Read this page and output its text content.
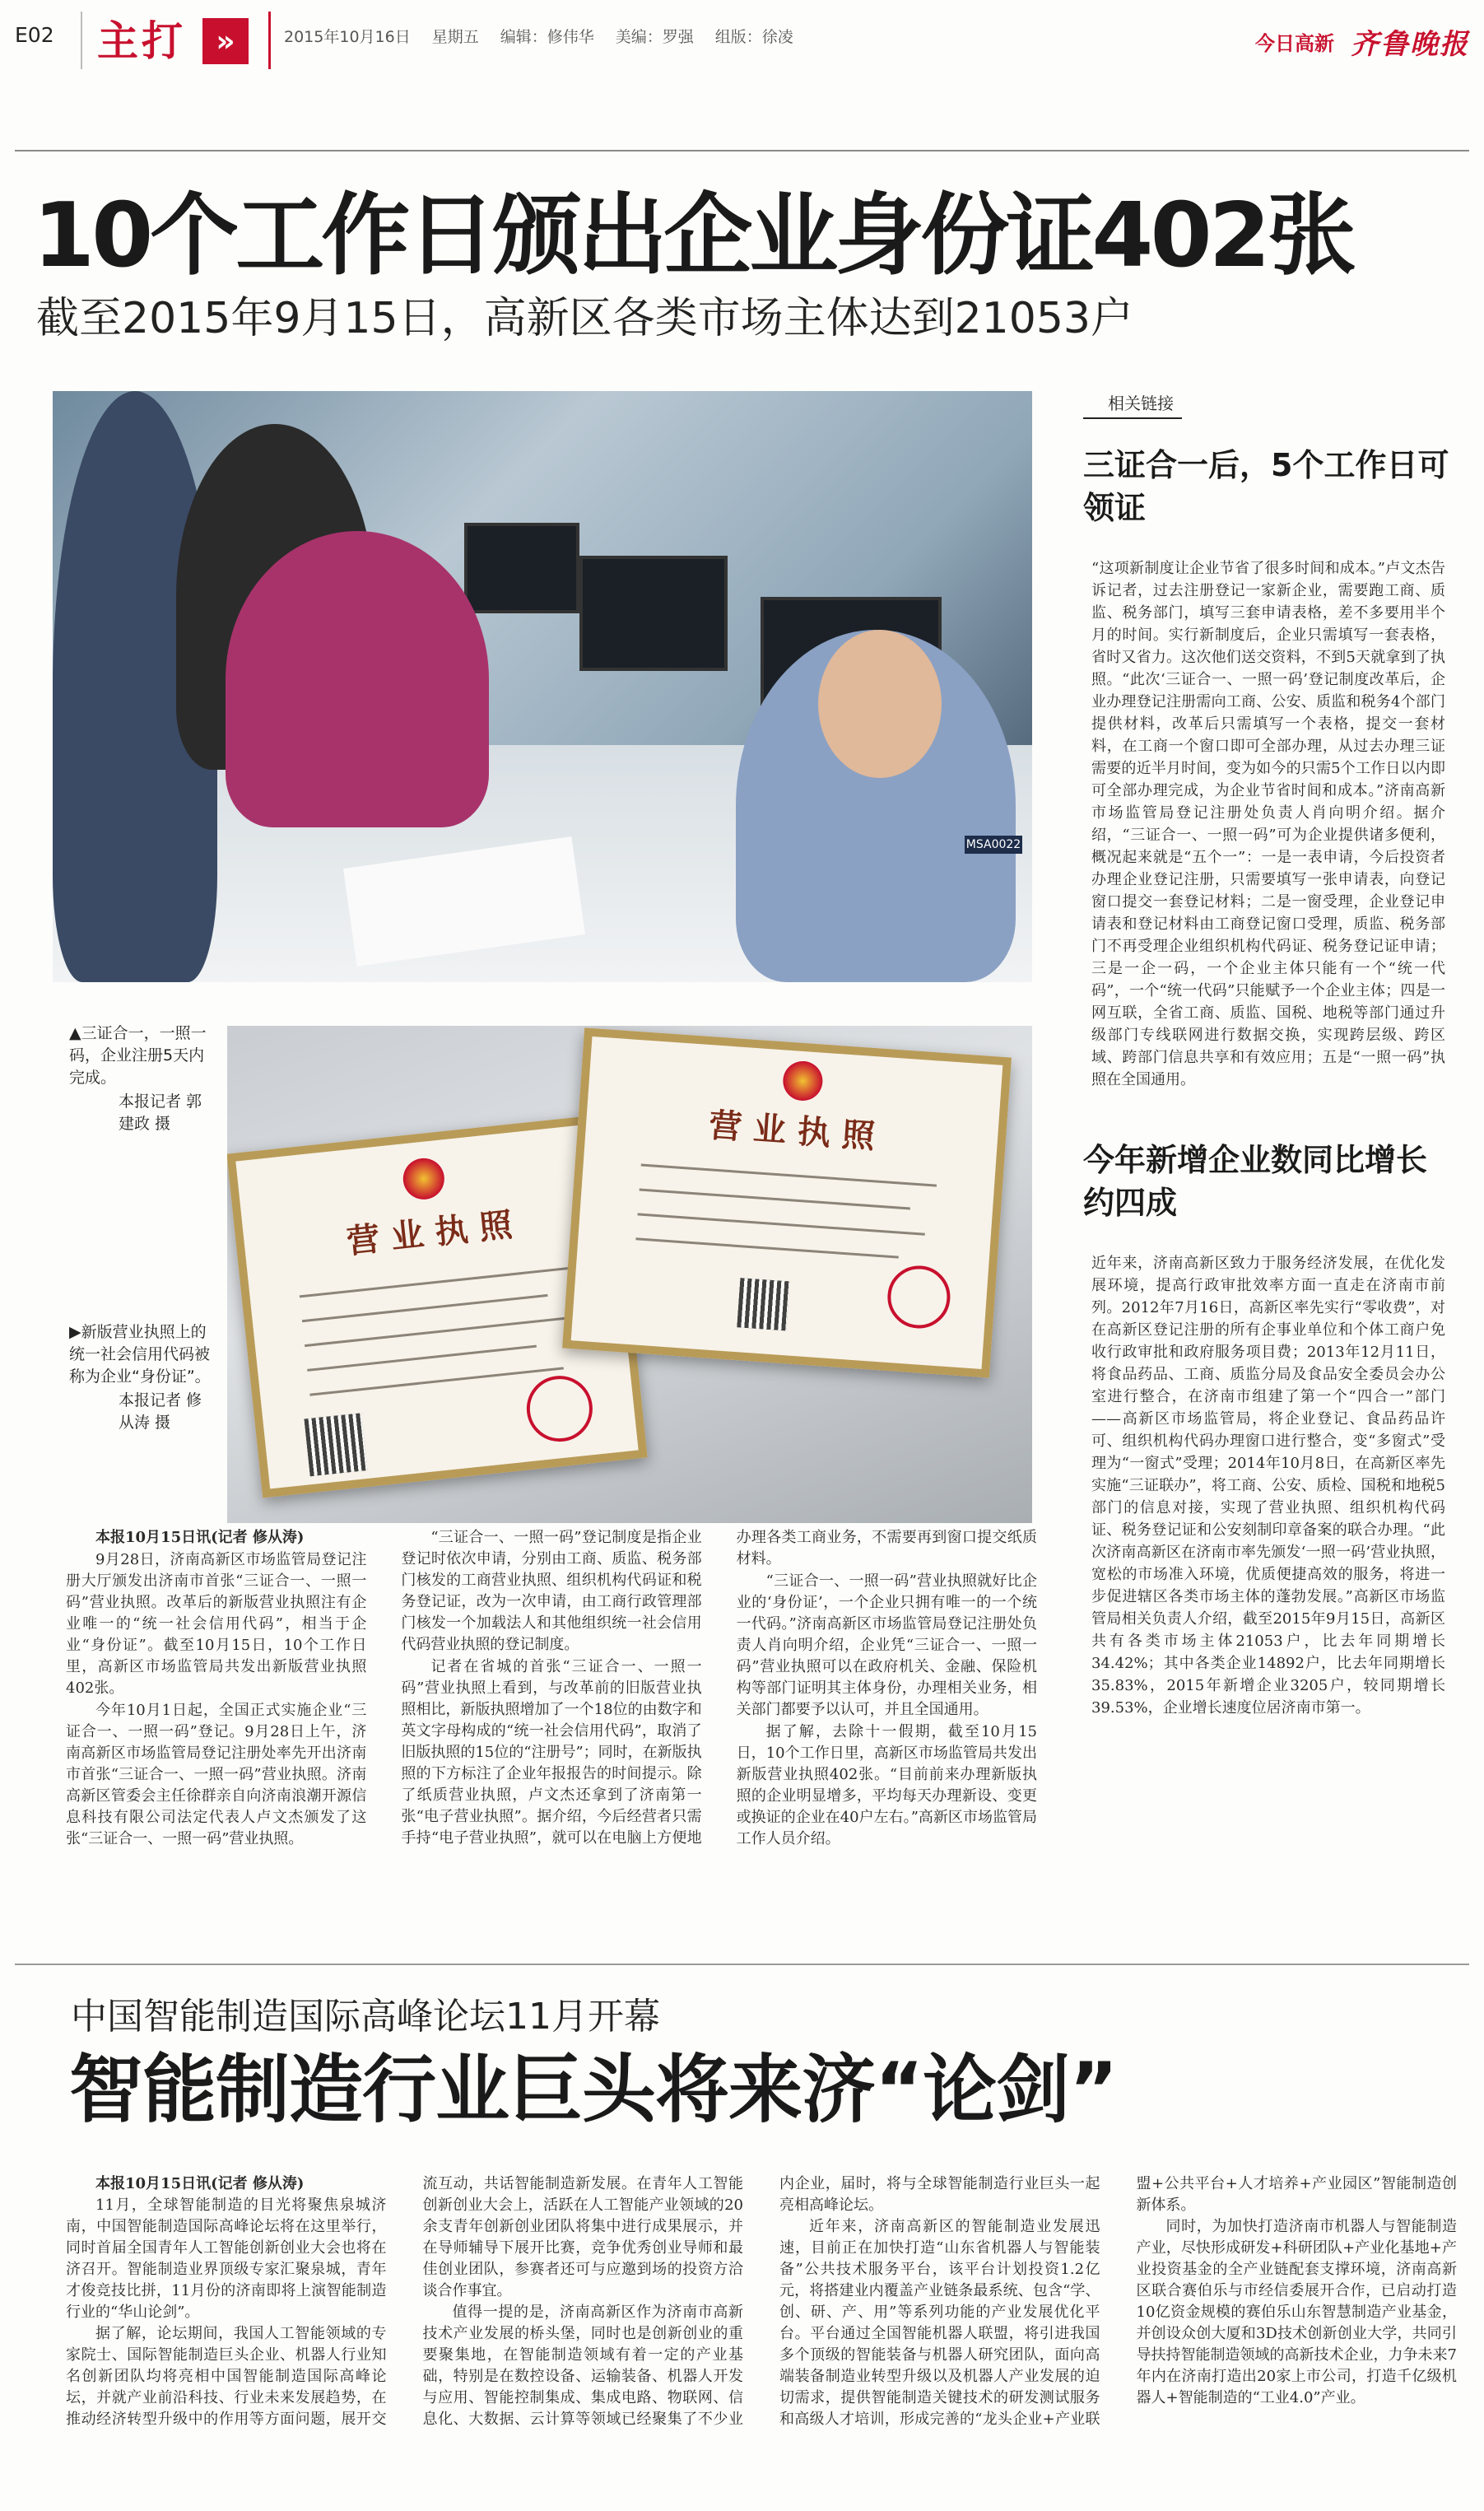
E02	主打	»	2015年10月16日 星期五 编辑：修伟华 美编：罗强 组版：徐凌	今日高新 齐鲁晚报
10个工作日颁出企业身份证402张
截至2015年9月15日，高新区各类市场主体达到21053户
MSA0022
▲三证合一，一照一码，企业注册5天内完成。
本报记者 郭建政 摄
营 业 执 照
营 业 执 照
▶新版营业执照上的统一社会信用代码被称为企业“身份证”。
本报记者 修从涛 摄
相关链接
三证合一后，5个工作日可领证
“这项新制度让企业节省了很多时间和成本。”卢文杰告诉记者，过去注册登记一家新企业，需要跑工商、质监、税务部门，填写三套申请表格，差不多要用半个月的时间。实行新制度后，企业只需填写一套表格，省时又省力。这次他们送交资料，不到5天就拿到了执照。“此次‘三证合一、一照一码’登记制度改革后，企业办理登记注册需向工商、公安、质监和税务4个部门提供材料，改革后只需填写一个表格，提交一套材料，在工商一个窗口即可全部办理，从过去办理三证需要的近半月时间，变为如今的只需5个工作日以内即可全部办理完成，为企业节省时间和成本。”济南高新市场监管局登记注册处负责人肖向明介绍。据介绍，“三证合一、一照一码”可为企业提供诸多便利，概况起来就是“五个一”：一是一表申请，今后投资者办理企业登记注册，只需要填写一张申请表，向登记窗口提交一套登记材料；二是一窗受理，企业登记申请表和登记材料由工商登记窗口受理，质监、税务部门不再受理企业组织机构代码证、税务登记证申请；三是一企一码，一个企业主体只能有一个“统一代码”，一个“统一代码”只能赋予一个企业主体；四是一网互联，全省工商、质监、国税、地税等部门通过升级部门专线联网进行数据交换，实现跨层级、跨区域、跨部门信息共享和有效应用；五是“一照一码”执照在全国通用。
今年新增企业数同比增长约四成
近年来，济南高新区致力于服务经济发展，在优化发展环境，提高行政审批效率方面一直走在济南市前列。2012年7月16日，高新区率先实行“零收费”，对在高新区登记注册的所有企事业单位和个体工商户免收行政审批和政府服务项目费；2013年12月11日，将食品药品、工商、质监分局及食品安全委员会办公室进行整合，在济南市组建了第一个“四合一”部门——高新区市场监管局，将企业登记、食品药品许可、组织机构代码办理窗口进行整合，变“多窗式”受理为“一窗式”受理；2014年10月8日，在高新区率先实施“三证联办”，将工商、公安、质检、国税和地税5部门的信息对接，实现了营业执照、组织机构代码证、税务登记证和公安刻制印章备案的联合办理。“此次济南高新区在济南市率先颁发‘一照一码’营业执照，宽松的市场准入环境，优质便捷高效的服务，将进一步促进辖区各类市场主体的蓬勃发展。”高新区市场监管局相关负责人介绍，截至2015年9月15日，高新区共有各类市场主体21053户，比去年同期增长34.42%；其中各类企业14892户，比去年同期增长35.83%，2015年新增企业3205户，较同期增长39.53%，企业增长速度位居济南市第一。

本报10月15日讯(记者 修从涛)

9月28日，济南高新区市场监管局登记注册大厅颁发出济南市首张“三证合一、一照一码”营业执照。改革后的新版营业执照注有企业唯一的“统一社会信用代码”，相当于企业“身份证”。截至10月15日，10个工作日里，高新区市场监管局共发出新版营业执照402张。

今年10月1日起，全国正式实施企业“三证合一、一照一码”登记。9月28日上午，济南高新区市场监管局登记注册处率先开出济南市首张“三证合一、一照一码”营业执照。济南高新区管委会主任徐群亲自向济南浪潮开源信息科技有限公司法定代表人卢文杰颁发了这张“三证合一、一照一码”营业执照。

“三证合一、一照一码”登记制度是指企业登记时依次申请，分别由工商、质监、税务部门核发的工商营业执照、组织机构代码证和税务登记证，改为一次申请，由工商行政管理部门核发一个加载法人和其他组织统一社会信用代码营业执照的登记制度。

记者在省城的首张“三证合一、一照一码”营业执照上看到，与改革前的旧版营业执照相比，新版执照增加了一个18位的由数字和英文字母构成的“统一社会信用代码”，取消了旧版执照的15位的“注册号”；同时，在新版执照的下方标注了企业年报报告的时间提示。除了纸质营业执照，卢文杰还拿到了济南第一张“电子营业执照”。据介绍，今后经营者只需手持“电子营业执照”，就可以在电脑上方便地办理各类工商业务，不需要再到窗口提交纸质材料。

“三证合一、一照一码”营业执照就好比企业的‘身份证’，一个企业只拥有唯一的一个统一代码。”济南高新区市场监管局登记注册处负责人肖向明介绍，企业凭“三证合一、一照一码”营业执照可以在政府机关、金融、保险机构等部门证明其主体身份，办理相关业务，相关部门都要予以认可，并且全国通用。

据了解，去除十一假期，截至10月15日，10个工作日里，高新区市场监管局共发出新版营业执照402张。“目前前来办理新版执照的企业明显增多，平均每天办理新设、变更或换证的企业在40户左右。”高新区市场监管局工作人员介绍。

中国智能制造国际高峰论坛11月开幕
智能制造行业巨头将来济“论剑”

本报10月15日讯(记者 修从涛)

11月，全球智能制造的目光将聚焦泉城济南，中国智能制造国际高峰论坛将在这里举行，同时首届全国青年人工智能创新创业大会也将在济召开。智能制造业界顶级专家汇聚泉城，青年才俊竞技比拼，11月份的济南即将上演智能制造行业的“华山论剑”。

据了解，论坛期间，我国人工智能领域的专家院士、国际智能制造巨头企业、机器人行业知名创新团队均将亮相中国智能制造国际高峰论坛，并就产业前沿科技、行业未来发展趋势，在推动经济转型升级中的作用等方面问题，展开交流互动，共话智能制造新发展。在青年人工智能创新创业大会上，活跃在人工智能产业领域的20余支青年创新创业团队将集中进行成果展示，并在导师辅导下展开比赛，竞争优秀创业导师和最佳创业团队，参赛者还可与应邀到场的投资方洽谈合作事宜。

值得一提的是，济南高新区作为济南市高新技术产业发展的桥头堡，同时也是创新创业的重要聚集地，在智能制造领域有着一定的产业基础，特别是在数控设备、运输装备、机器人开发与应用、智能控制集成、集成电路、物联网、信息化、大数据、云计算等领域已经聚集了不少业内企业，届时，将与全球智能制造行业巨头一起亮相高峰论坛。

近年来，济南高新区的智能制造业发展迅速，目前正在加快打造“山东省机器人与智能装备”公共技术服务平台，该平台计划投资1.2亿元，将搭建业内覆盖产业链条最系统、包含“学、创、研、产、用”等系列功能的产业发展优化平台。平台通过全国智能机器人联盟，将引进我国多个顶级的智能装备与机器人研究团队，面向高端装备制造业转型升级以及机器人产业发展的迫切需求，提供智能制造关键技术的研发测试服务和高级人才培训，形成完善的“龙头企业+产业联盟+公共平台+人才培养+产业园区”智能制造创新体系。

同时，为加快打造济南市机器人与智能制造产业，尽快形成研发+科研团队+产业化基地+产业投资基金的全产业链配套支撑环境，济南高新区联合赛伯乐与市经信委展开合作，已启动打造10亿资金规模的赛伯乐山东智慧制造产业基金，并创设众创大厦和3D技术创新创业大学，共同引导扶持智能制造领域的高新技术企业，力争未来7年内在济南打造出20家上市公司，打造千亿级机器人+智能制造的“工业4.0”产业。
